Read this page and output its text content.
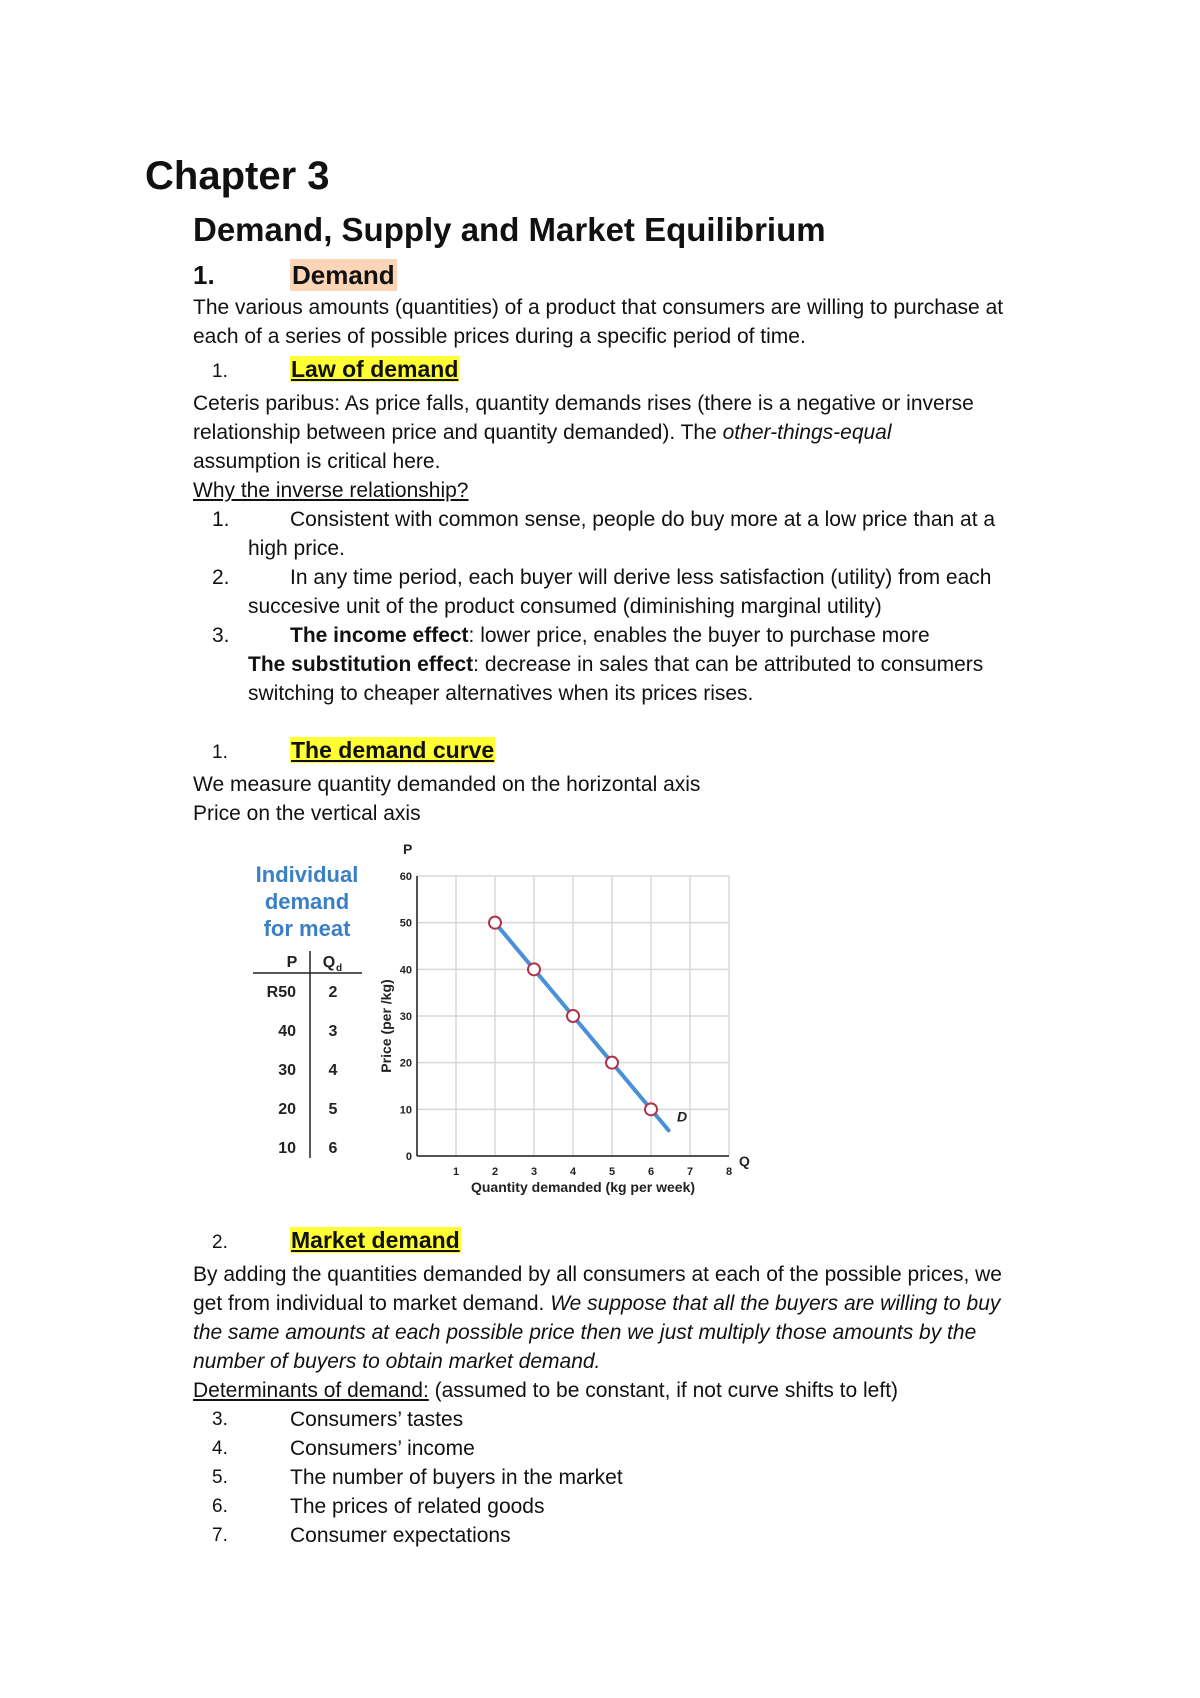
Chapter 3
Demand, Supply and Market Equilibrium
1.	Demand
The various amounts (quantities) of a product that consumers are willing to purchase at
each of a series of possible prices during a specific period of time.
1.	Law of demand
Ceteris paribus: As price falls, quantity demands rises (there is a negative or inverse
relationship between price and quantity demanded). The other-things-equal
assumption is critical here.
Why the inverse relationship?
1.	Consistent with common sense, people do buy more at a low price than at a
high price.
2.	In any time period, each buyer will derive less satisfaction (utility) from each
succesive unit of the product consumed (diminishing marginal utility)
3.	The income effect: lower price, enables the buyer to purchase more
The substitution effect: decrease in sales that can be attributed to consumers
switching to cheaper alternatives when its prices rises.
1.	The demand curve
We measure quantity demanded on the horizontal axis
Price on the vertical axis
Individual
demand
for meat
P Q d
R50 2
40 3
30 4
20 5
10 6	0
10
20
30
40
50
60
1	2	3	4	5	6	7	8
P
Q
D
Price (per /kg)
Quantity demanded (kg per week)
2.	Market demand
By adding the quantities demanded by all consumers at each of the possible prices, we
get from individual to market demand. We suppose that all the buyers are willing to buy
the same amounts at each possible price then we just multiply those amounts by the
number of buyers to obtain market demand.
Determinants of demand: (assumed to be constant, if not curve shifts to left)
3.	Consumers’ tastes
4.	Consumers’ income
5.	The number of buyers in the market
6.	The prices of related goods
7.	Consumer expectations
